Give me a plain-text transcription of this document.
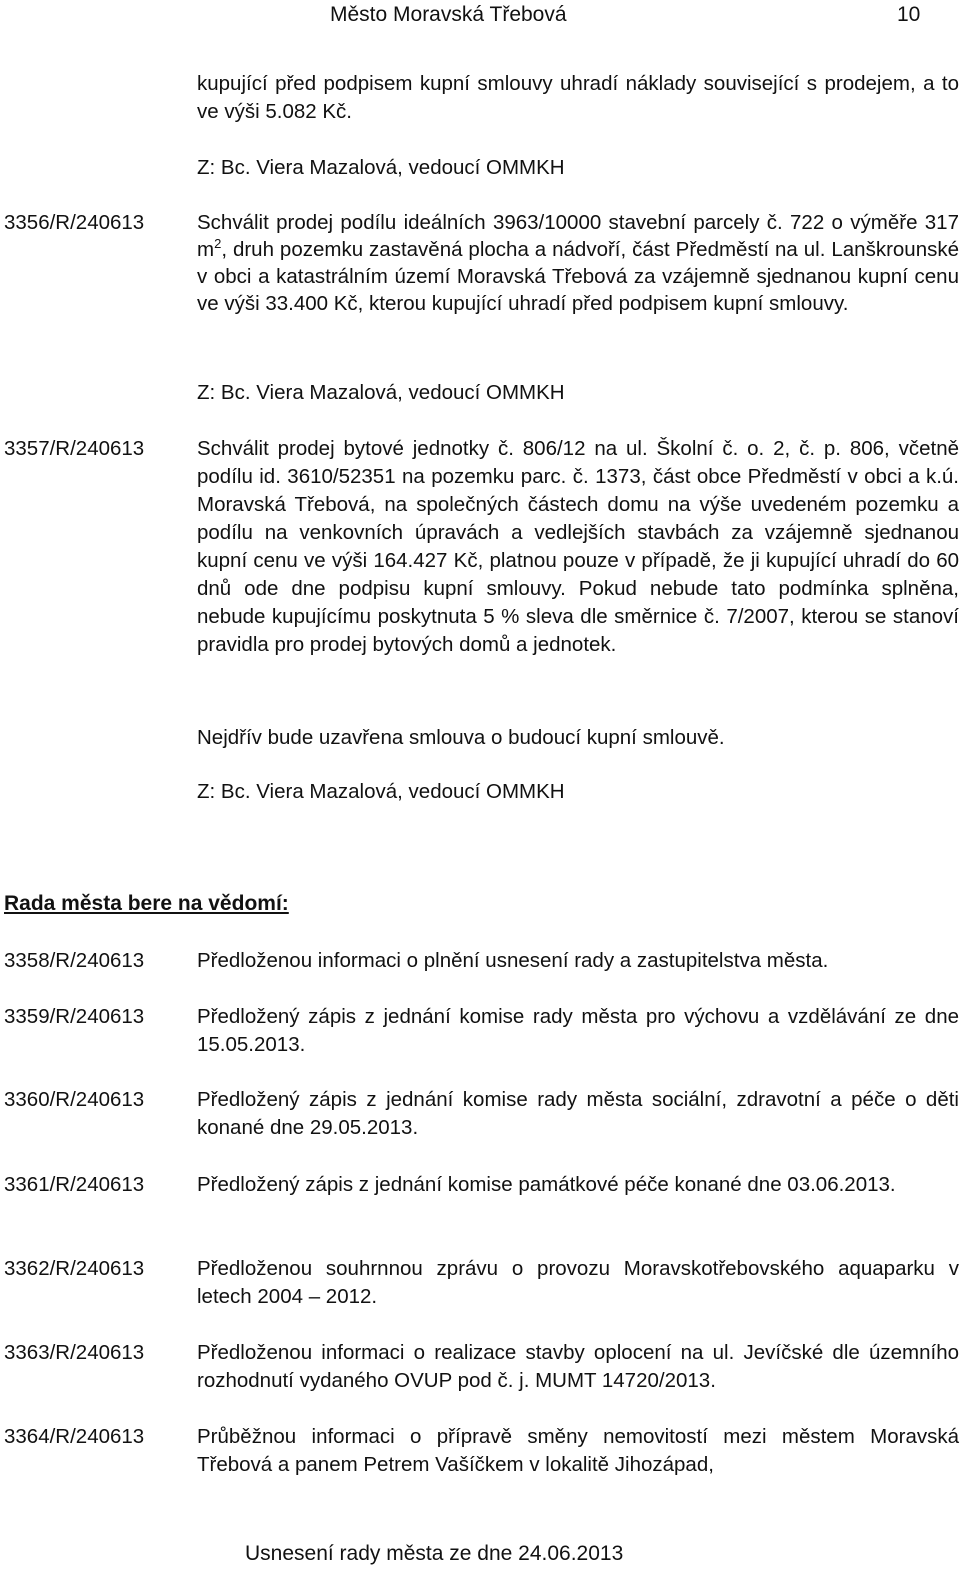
Město Moravská Třebová	10
kupující před podpisem kupní smlouvy uhradí náklady související s prodejem, a to ve výši 5.082 Kč.
Z: Bc. Viera Mazalová, vedoucí OMMKH
3356/R/240613	Schválit prodej podílu ideálních 3963/10000 stavební parcely č. 722 o výměře 317 $m^2$, druh pozemku zastavěná plocha a nádvoří, část Předměstí na ul. Lanškrounské v obci a katastrálním území Moravská Třebová za vzájemně sjednanou kupní cenu ve výši 33.400 Kč, kterou kupující uhradí před podpisem kupní smlouvy.
Z: Bc. Viera Mazalová, vedoucí OMMKH
3357/R/240613	Schválit prodej bytové jednotky č. 806/12 na ul. Školní č. o. 2, č. p. 806, včetně podílu id. 3610/52351 na pozemku parc. č. 1373, část obce Předměstí v obci a k.ú. Moravská Třebová, na společných částech domu na výše uvedeném pozemku a podílu na venkovních úpravách a vedlejších stavbách za vzájemně sjednanou kupní cenu ve výši 164.427 Kč, platnou pouze v případě, že ji kupující uhradí do 60 dnů ode dne podpisu kupní smlouvy. Pokud nebude tato podmínka splněna, nebude kupujícímu poskytnuta 5 % sleva dle směrnice č. 7/2007, kterou se stanoví pravidla pro prodej bytových domů a jednotek.
Nejdřív bude uzavřena smlouva o budoucí kupní smlouvě.
Z: Bc. Viera Mazalová, vedoucí OMMKH
Rada města bere na vědomí:
3358/R/240613	Předloženou informaci o plnění usnesení rady a zastupitelstva města.
3359/R/240613	Předložený zápis z jednání komise rady města pro výchovu a vzdělávání ze dne 15.05.2013.
3360/R/240613	Předložený zápis z jednání komise rady města sociální, zdravotní a péče o děti konané dne 29.05.2013.
3361/R/240613	Předložený zápis z jednání komise památkové péče konané dne 03.06.2013.
3362/R/240613	Předloženou souhrnnou zprávu o provozu Moravskotřebovského aquaparku v letech 2004 – 2012.
3363/R/240613	Předloženou informaci o realizace stavby oplocení na ul. Jevíčské dle územního rozhodnutí vydaného OVUP pod č. j. MUMT 14720/2013.
3364/R/240613	Průběžnou informaci o přípravě směny nemovitostí mezi městem Moravská Třebová a panem Petrem Vašíčkem v lokalitě Jihozápad,
Usnesení rady města ze dne 24.06.2013
